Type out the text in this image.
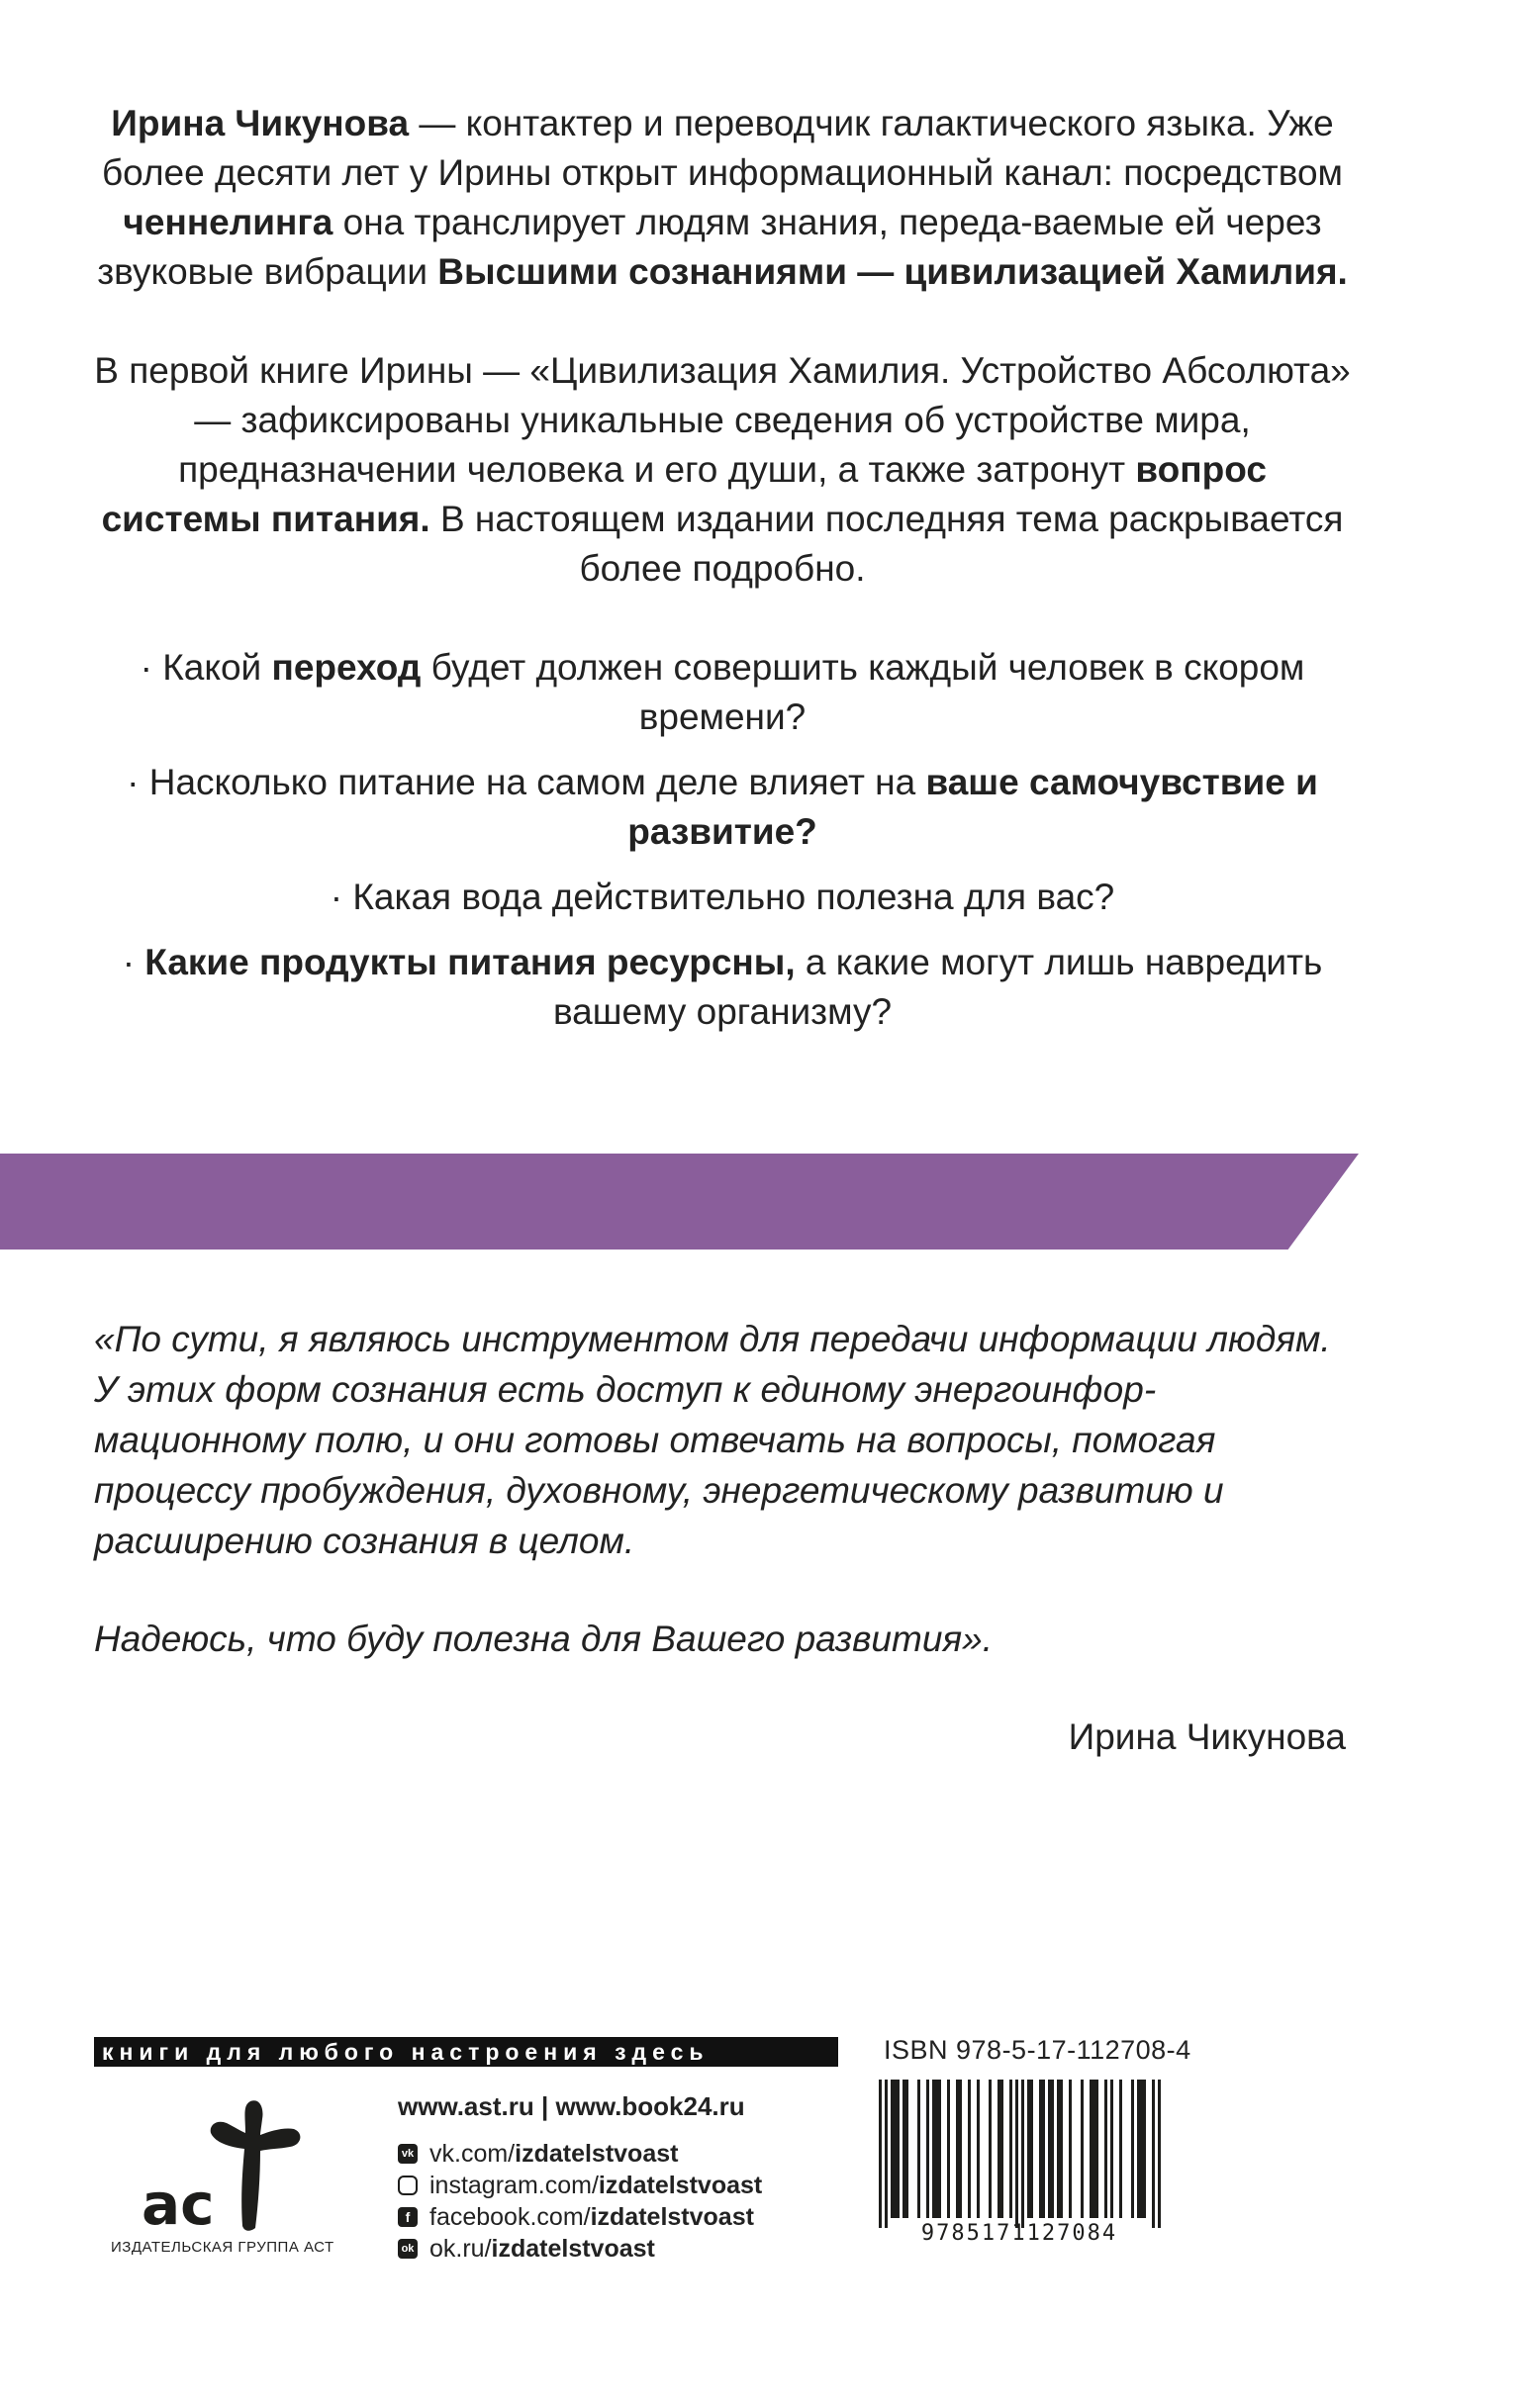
Ирина Чикунова — контактер и переводчик галактического языка. Уже более десяти лет у Ирины открыт информационный канал: посредством ченнелинга она транслирует людям знания, переда-ваемые ей через звуковые вибрации Высшими сознаниями — цивилизацией Хамилия.

В первой книге Ирины — «Цивилизация Хамилия. Устройство Абсолюта» — зафиксированы уникальные сведения об устройстве мира, предназначении человека и его души, а также затронут вопрос системы питания. В настоящем издании последняя тема раскрывается более подробно.

· Какой переход будет должен совершить каждый человек в скором времени?

· Насколько питание на самом деле влияет на ваше самочувствие и развитие?

· Какая вода действительно полезна для вас?

· Какие продукты питания ресурсны, а какие могут лишь навредить вашему организму?

«По сути, я являюсь инструментом для передачи информации людям. У этих форм сознания есть доступ к единому энергоинфор-мационному полю, и они готовы отвечать на вопросы, помогая процессу пробуждения, духовному, энергетическому развитию и расширению сознания в целом.

Надеюсь, что буду полезна для Вашего развития».

Ирина Чикунова
книги для любого настроения здесь
ac
ИЗДАТЕЛЬСКАЯ ГРУППА АСТ
www.ast.ru | www.book24.ru
vk vk.com/ izdatelstvoast
instagram.com/ izdatelstvoast
f facebook.com/ izdatelstvoast
ok ok.ru/ izdatelstvoast
ISBN 978-5-17-112708-4
9785171127084
